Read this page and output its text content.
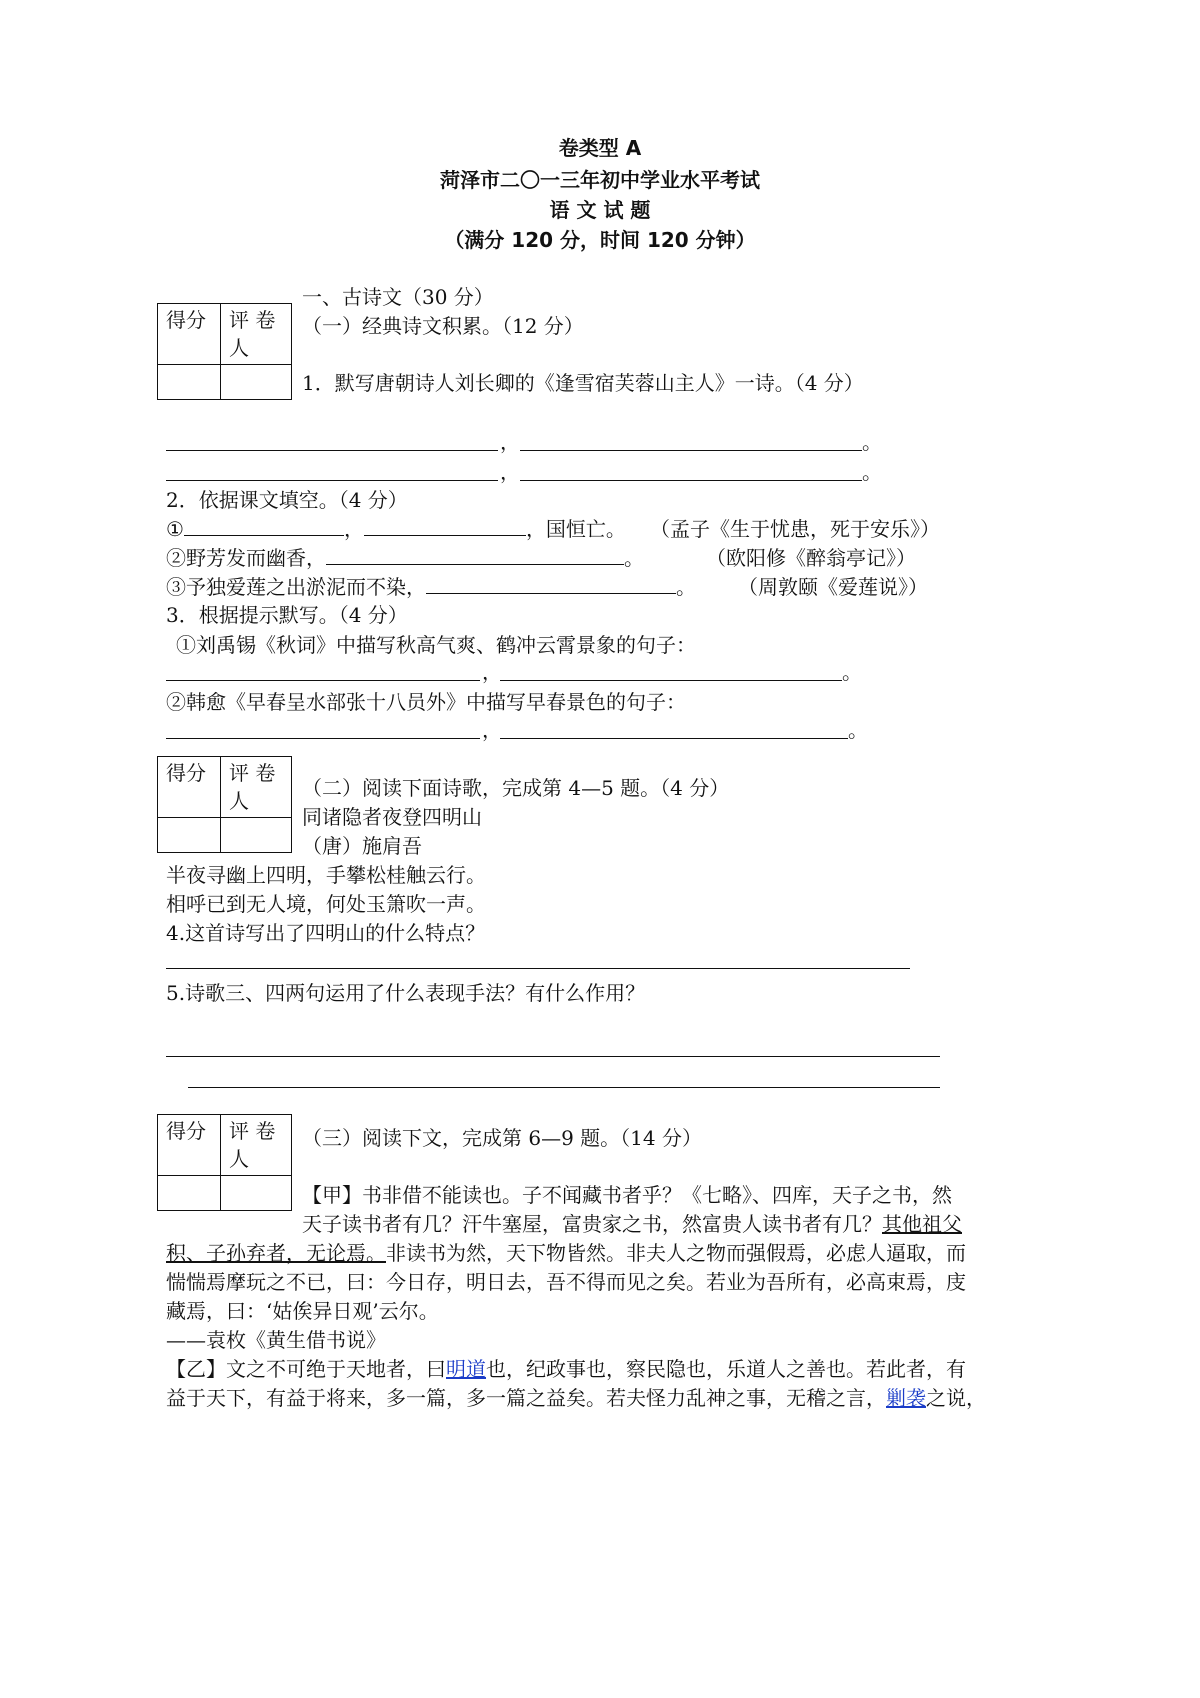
卷类型 A
菏泽市二〇一三年初中学业水平考试
语 文 试 题
（满分 120 分，时间 120 分钟）
得分	评 卷人

一、古诗文（30 分）
（一）经典诗文积累。（12 分）
1．默写唐朝诗人刘长卿的《逢雪宿芙蓉山主人》一诗。（4 分）
，	。
，	。
2．依据课文填空。（4 分）
①	，	，国恒亡。 （孟子《生于忧患，死于安乐》）
②野芳发而幽香，	。	（欧阳修《醉翁亭记》）
③予独爱莲之出淤泥而不染，	。 （周敦颐《爱莲说》）
3．根据提示默写。（4 分）
①刘禹锡《秋词》中描写秋高气爽、鹤冲云霄景象的句子：
，	。
②韩愈《早春呈水部张十八员外》中描写早春景色的句子：
，	。
得分	评 卷人

（二）阅读下面诗歌，完成第 4—5 题。（4 分）
同诸隐者夜登四明山
（唐）施肩吾
半夜寻幽上四明，手攀松桂触云行。
相呼已到无人境，何处玉箫吹一声。
4.这首诗写出了四明山的什么特点？
5.诗歌三、四两句运用了什么表现手法？有什么作用？
得分	评 卷人

（三）阅读下文，完成第 6—9 题。（14 分）
【甲】书非借不能读也。子不闻藏书者乎？《七略》、四库，天子之书，然
天子读书者有几？汗牛塞屋，富贵家之书，然富贵人读书者有几？其他祖父
积、子孙弃者，无论焉。非读书为然，天下物皆然。非夫人之物而强假焉，必虑人逼取，而
惴惴焉摩玩之不已，曰：今日存，明日去，吾不得而见之矣。若业为吾所有，必高束焉，庋
藏焉，曰：‘姑俟异日观’云尔。
——袁枚《黄生借书说》
【乙】文之不可绝于天地者，曰明道也，纪政事也，察民隐也，乐道人之善也。若此者，有
益于天下，有益于将来，多一篇，多一篇之益矣。若夫怪力乱神之事，无稽之言，剿袭之说，
